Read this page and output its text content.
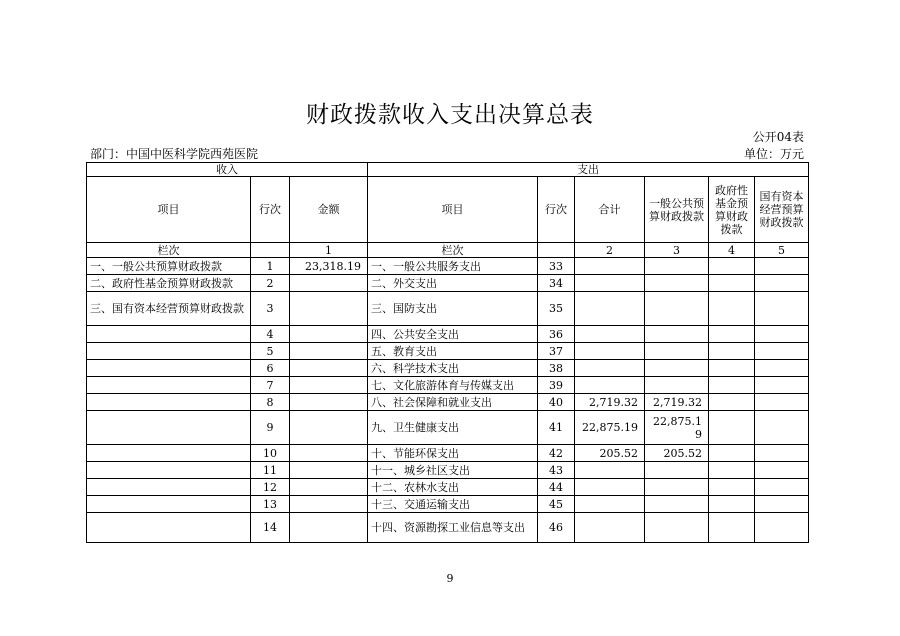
财政拨款收入支出决算总表
公开04表
部门：中国中医科学院西苑医院	单位：万元
收入			支出					
项目	行次	金额	项目	行次	合计	一般公共预算财政拨款	政府性基金预算财政拨款	国有资本经营预算财政拨款
栏次		1	栏次		2	3	4	5
一、一般公共预算财政拨款	1	23,318.19	一、一般公共服务支出	33				
二、政府性基金预算财政拨款	2		二、外交支出	34				
三、国有资本经营预算财政拨款	3		三、国防支出	35				
	4		四、公共安全支出	36				
	5		五、教育支出	37				
	6		六、科学技术支出	38				
	7		七、文化旅游体育与传媒支出	39				
	8		八、社会保障和就业支出	40	2,719.32	2,719.32		
	9		九、卫生健康支出	41	22,875.19	22,875.19		
	10		十、节能环保支出	42	205.52	205.52		
	11		十一、城乡社区支出	43				
	12		十二、农林水支出	44				
	13		十三、交通运输支出	45				
	14		十四、资源勘探工业信息等支出	46				
9
